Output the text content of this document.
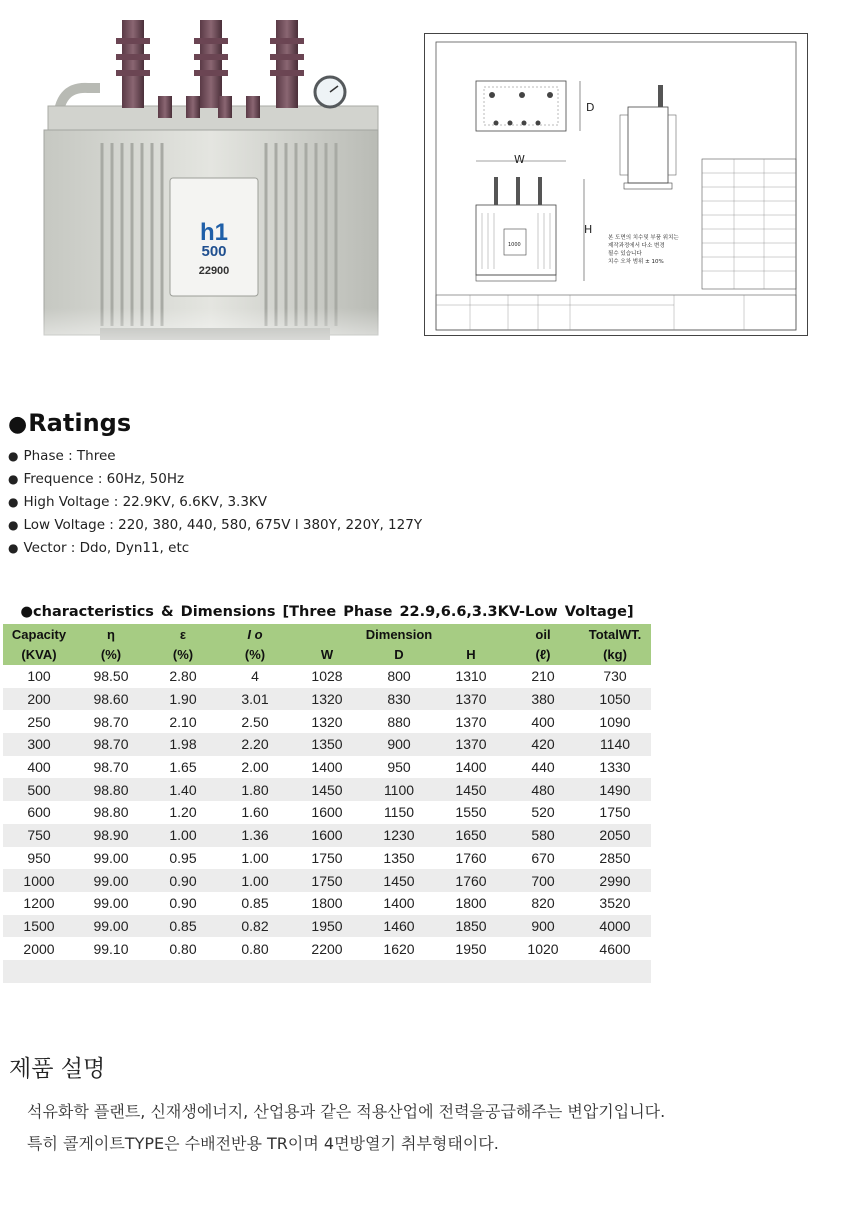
h1
500
22900
W
D
1000
H
본 도면의 치수및 부품 위치는
제작과정에서 다소 변경
될수 있습니다
치수 오차 범위 ± 10%
●Ratings
● Phase : Three
● Frequence : 60Hz, 50Hz
● High Voltage : 22.9KV, 6.6KV, 3.3KV
● Low Voltage : 220, 380, 440, 580, 675V l 380Y, 220Y, 127Y
● Vector : Ddo, Dyn11, etc
●characteristics & Dimensions [Three Phase 22.9,6.6,3.3KV-Low Voltage]
Capacity	η	ε	I o	Dimension			oil	TotalWT.
(KVA)	(%)	(%)	(%)	W	D	H	(ℓ)	(kg)
100	98.50	2.80	4	1028	800	1310	210	730
200	98.60	1.90	3.01	1320	830	1370	380	1050
250	98.70	2.10	2.50	1320	880	1370	400	1090
300	98.70	1.98	2.20	1350	900	1370	420	1140
400	98.70	1.65	2.00	1400	950	1400	440	1330
500	98.80	1.40	1.80	1450	1100	1450	480	1490
600	98.80	1.20	1.60	1600	1150	1550	520	1750
750	98.90	1.00	1.36	1600	1230	1650	580	2050
950	99.00	0.95	1.00	1750	1350	1760	670	2850
1000	99.00	0.90	1.00	1750	1450	1760	700	2990
1200	99.00	0.90	0.85	1800	1400	1800	820	3520
1500	99.00	0.85	0.82	1950	1460	1850	900	4000
2000	99.10	0.80	0.80	2200	1620	1950	1020	4600

제품 설명

석유화학 플랜트, 신재생에너지, 산업용과 같은 적용산업에 전력을공급해주는 변압기입니다.

특히 콜게이트TYPE은 수배전반용 TR이며 4면방열기 취부형태이다.
